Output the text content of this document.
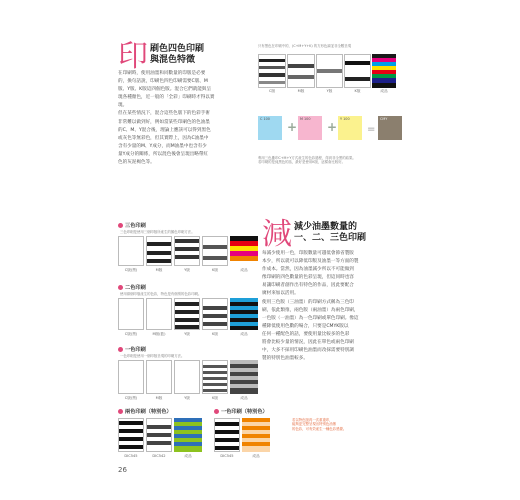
印 刷色四色印刷
與混色特徵
在印刷時，使用油墨和同數量的印版是必要
的，換句話說，印刷色四色印刷需要C版、M
版、Y版、K版這四個色版。混合它們就能與呈
現各種顏色，近一般的「全彩」印刷時才得以實
現。
但在某些情況下，混合這些色版下的色彩手術
非常難以做到好，例如當某些印刷色的色油墨
的C、M、Y混合後，理論上應該可以得到黑色
或灰色等無彩色，但其實際上，因為C油墨中
含有少量的M、Y成分，而M油墨中也含有少
量Y成分的關係，所以混色後會呈現出略帶紅
色的灰泥褐色等。
只有黑色在印刷中的，(C+M+Y+K) 的方形色調並非全數呈現
C版	M版	Y版	K版	成品
C 100
+
M 100
+
Y 100
=
CMY
利用三色疊印C+M+Y方式產生的色彩過程，得到非全黑的結果。
若印刷的是純黑色的話，最好是使用K版，這樣會比較好。
三色印刷
三色印刷是使用三個印版所產生的顏色印刷方法。
C版(黑)	M版	Y版	K版	成品
二色印刷
使用兩個印版產生的色彩，特色是有個別的色彩印刷。
C版(黑)	M版(藍)	Y版	K版	成品
一色印刷
一色印刷是使用一個印版呈現的印刷方法。
C版(黑)	M版	Y版	K版	成品
兩色印刷（特別色）
DIC545	DIC542	成品
一色印刷（特別色）
DIC545	成品
減 減少油墨數量的
一、二、三色印刷
每減少使用一色，印版數量可越低會節省製版
本少，所以就可以降低印版及油墨一等方面的製
作成本。當然，因為油墨減少所以不可能做到
像印刷的四色數量的色彩呈現，但這同時也容
易讓印刷者創作出有特色的作品，因此要配合
廣材來加以活用。
使用三色版（三油墨）的印刷方式稱為三色印
刷，依此類推，兩色版（兩油墨）為兩色印刷，
一色版（一油墨）為一色印刷或單色印刷。像這
種降低使用色數的場合，只要是CMYK版以
任何一種配色的話，要使用量比較多的色彩
將會比較少量的情況，因此在單色或兩色印刷
中，大多不採用印刷色油墨而改採需要特別調
製的特別色油墨較多。
若以特色版再一次重複印，
能夠更完整呈現出特別色油墨
的色彩，可有效產生一種色彩感覺。
26
